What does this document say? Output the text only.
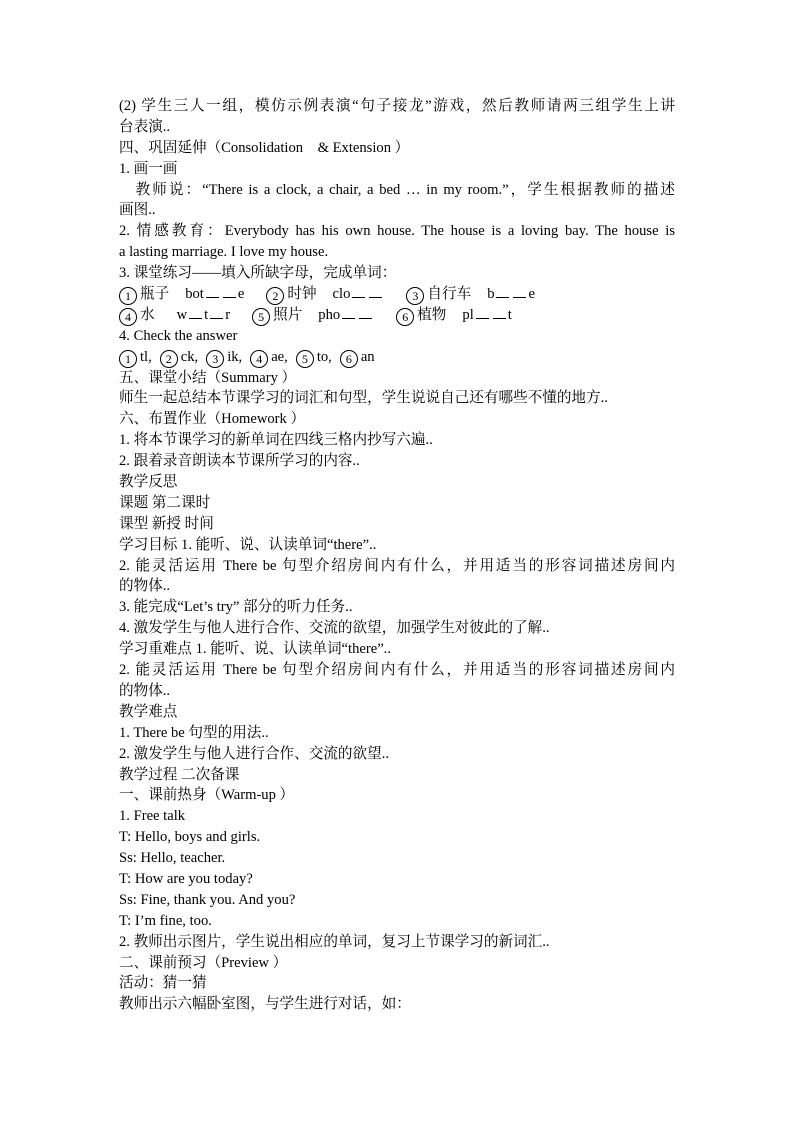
(2) 学生三人一组，模仿示例表演“句子接龙”游戏，然后教师请两三组学生上讲
台表演..
四、巩固延伸（Consolidation　& Extension ）
1. 画一画
　教师说：“There is a clock, a chair, a bed … in my room.”，学生根据教师的描述
画图..
2. 情感教育：Everybody has his own house. The house is a loving bay. The house is
a lasting marriage. I love my house.
3. 课堂练习——填入所缺字母，完成单词：
1 瓶子 bot e 2 时钟 clo	3 自行车 b e
4 水 w t r 5 照片 pho	6 植物 pl t
4. Check the answer
1 tl, 2 ck, 3 ik, 4 ae, 5 to, 6 an
五、课堂小结（Summary ）
师生一起总结本节课学习的词汇和句型，学生说说自己还有哪些不懂的地方..
六、布置作业（Homework ）
1. 将本节课学习的新单词在四线三格内抄写六遍..
2. 跟着录音朗读本节课所学习的内容..
教学反思
课题 第二课时
课型 新授 时间
学习目标 1. 能听、说、认读单词“there”..
2. 能灵活运用 There be 句型介绍房间内有什么，并用适当的形容词描述房间内
的物体..
3. 能完成“Let’s try” 部分的听力任务..
4. 激发学生与他人进行合作、交流的欲望，加强学生对彼此的了解..
学习重难点 1. 能听、说、认读单词“there”..
2. 能灵活运用 There be 句型介绍房间内有什么，并用适当的形容词描述房间内
的物体..
教学难点
1. There be 句型的用法..
2. 激发学生与他人进行合作、交流的欲望..
教学过程 二次备课
一、课前热身（Warm-up ）
1. Free talk
T: Hello, boys and girls.
Ss: Hello, teacher.
T: How are you today?
Ss: Fine, thank you. And you?
T: I’m fine, too.
2. 教师出示图片，学生说出相应的单词，复习上节课学习的新词汇..
二、课前预习（Preview ）
活动：猜一猜
教师出示六幅卧室图，与学生进行对话，如：
